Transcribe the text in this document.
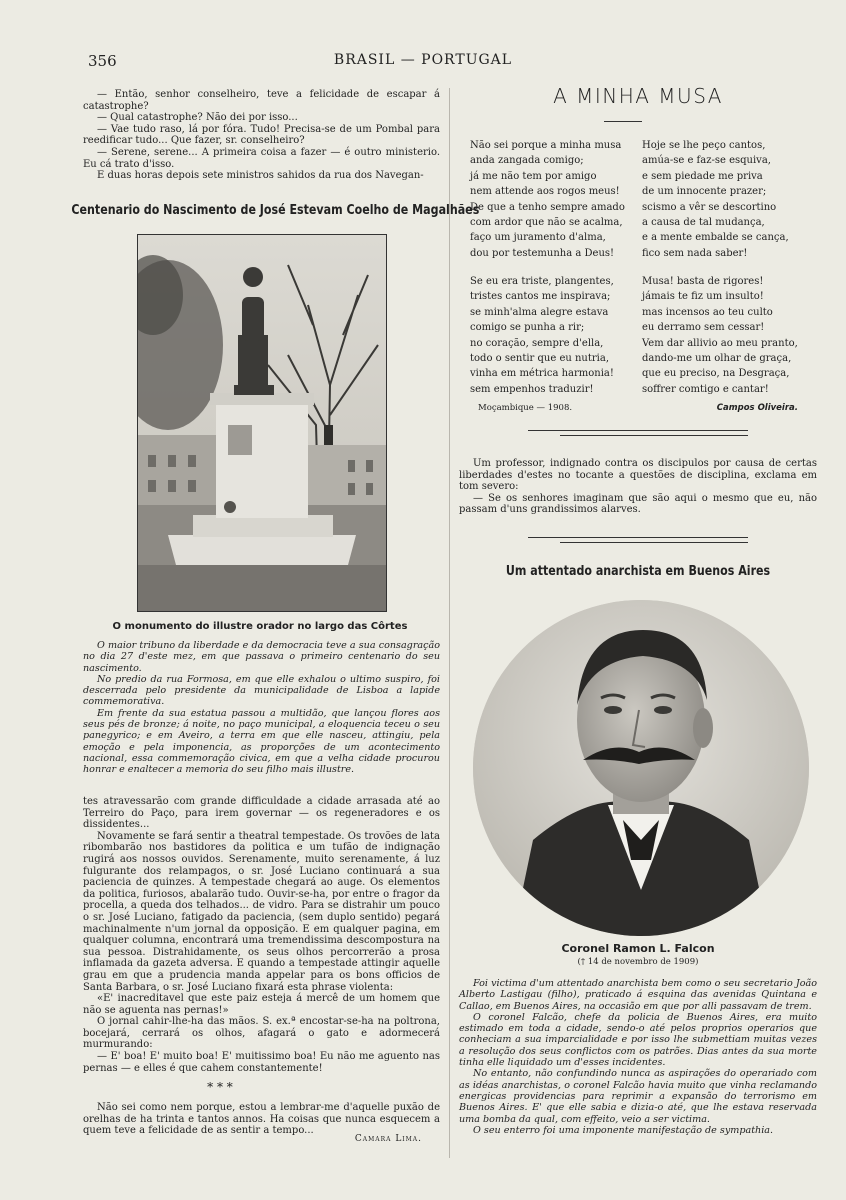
356	BRASIL — PORTUGAL

— Então, senhor conselheiro, teve a felicidade de escapar á catastrophe?

— Qual catastrophe? Não dei por isso...

— Vae tudo raso, lá por fóra. Tudo! Precisa-se de um Pombal para reedificar tudo... Que fazer, sr. conselheiro?

— Serene, serene... A primeira coisa a fazer — é outro ministerio. Eu cá trato d'isso.

E duas horas depois sete ministros sahidos da rua dos Navegan-

Centenario do Nascimento de José Estevam Coelho de Magalhães
O monumento do illustre orador no largo das Côrtes

O maior tribuno da liberdade e da democracia teve a sua consagração no dia 27 d'este mez, em que passava o primeiro centenario do seu nascimento.

No predio da rua Formosa, em que elle exhalou o ultimo suspiro, foi descerrada pelo presidente da municipalidade de Lisboa a lapide commemorativa.

Em frente da sua estatua passou a multidão, que lançou flores aos seus pés de bronze; á noite, no paço municipal, a eloquencia teceu o seu panegyrico; e em Aveiro, a terra em que elle nasceu, attingiu, pela emoção e pela imponencia, as proporções de um acontecimento nacional, essa commemoração civica, em que a velha cidade procurou honrar e enaltecer a memoria do seu filho mais illustre.

tes atravessarão com grande difficuldade a cidade arrasada até ao Terreiro do Paço, para irem governar — os regeneradores e os dissidentes...

Novamente se fará sentir a theatral tempestade. Os trovões de lata ribombarão nos bastidores da politica e um tufão de indignação rugirá aos nossos ouvidos. Serenamente, muito serenamente, á luz fulgurante dos relampagos, o sr. José Luciano continuará a sua paciencia de quinzes. A tempestade chegará ao auge. Os elementos da politica, furiosos, abalarão tudo. Ouvir-se-ha, por entre o fragor da procella, a queda dos telhados... de vidro. Para se distrahir um pouco o sr. José Luciano, fatigado da paciencia, (sem duplo sentido) pegará machinalmente n'um jornal da opposição. E em qualquer pagina, em qualquer columna, encontrará uma tremendissima descompostura na sua pessoa. Distrahidamente, os seus olhos percorrerão a prosa inflamada da gazeta adversa. E quando a tempestade attingir aquelle grau em que a prudencia manda appelar para os bons officios de Santa Barbara, o sr. José Luciano fixará esta phrase violenta:

«E' inacreditavel que este paiz esteja á mercê de um homem que não se aguenta nas pernas!»

O jornal cahir-lhe-ha das mãos. S. ex.ª encostar-se-ha na poltrona, bocejará, cerrará os olhos, afagará o gato e adormecerá murmurando:

— E' boa! E' muito boa! E' muitissimo boa! Eu não me aguento nas pernas — e elles é que cahem constantemente!

* * *

Não sei como nem porque, estou a lembrar-me d'aquelle puxão de orelhas de ha trinta e tantos annos. Ha coisas que nunca esquecem a quem teve a felicidade de as sentir a tempo...

Camara Lima.
A MINHA MUSA
Não sei porque a minha musa
anda zangada comigo;
já me não tem por amigo
nem attende aos rogos meus!
De que a tenho sempre amado
com ardor que não se acalma,
faço um juramento d'alma,
dou por testemunha a Deus!
Hoje se lhe peço cantos,
amúa-se e faz-se esquiva,
e sem piedade me priva
de um innocente prazer;
scismo a vêr se descortino
a causa de tal mudança,
e a mente embalde se cança,
fico sem nada saber!
Se eu era triste, plangentes,
tristes cantos me inspirava;
se minh'alma alegre estava
comigo se punha a rir;
no coração, sempre d'ella,
todo o sentir que eu nutria,
vinha em métrica harmonia!
sem empenhos traduzir!
Musa! basta de rigores!
jámais te fiz um insulto!
mas incensos ao teu culto
eu derramo sem cessar!
Vem dar allivio ao meu pranto,
dando-me um olhar de graça,
que eu preciso, na Desgraça,
soffrer comtigo e cantar!
Moçambique — 1908.	Campos Oliveira.

Um professor, indignado contra os discipulos por causa de certas liberdades d'estes no tocante a questões de disciplina, exclama em tom severo:

— Se os senhores imaginam que são aqui o mesmo que eu, não passam d'uns grandissimos alarves.

Um attentado anarchista em Buenos Aires
Coronel Ramon L. Falcon
(† 14 de novembro de 1909)

Foi victima d'um attentado anarchista bem como o seu secretario João Alberto Lastigau (filho), praticado á esquina das avenidas Quintana e Callao, em Buenos Aires, na occasião em que por alli passavam de trem.

O coronel Falcão, chefe da policia de Buenos Aires, era muito estimado em toda a cidade, sendo-o até pelos proprios operarios que conheciam a sua imparcialidade e por isso lhe submettiam muitas vezes a resolução dos seus conflictos com os patrões. Dias antes da sua morte tinha elle liquidado um d'esses incidentes.

No entanto, não confundindo nunca as aspirações do operariado com as idéas anarchistas, o coronel Falcão havia muito que vinha reclamando energicas providencias para reprimir a expansão do terrorismo em Buenos Aires. E' que elle sabia e dizia-o até, que lhe estava reservada uma bomba da qual, com effeito, veio a ser victima.

O seu enterro foi uma imponente manifestação de sympathia.
